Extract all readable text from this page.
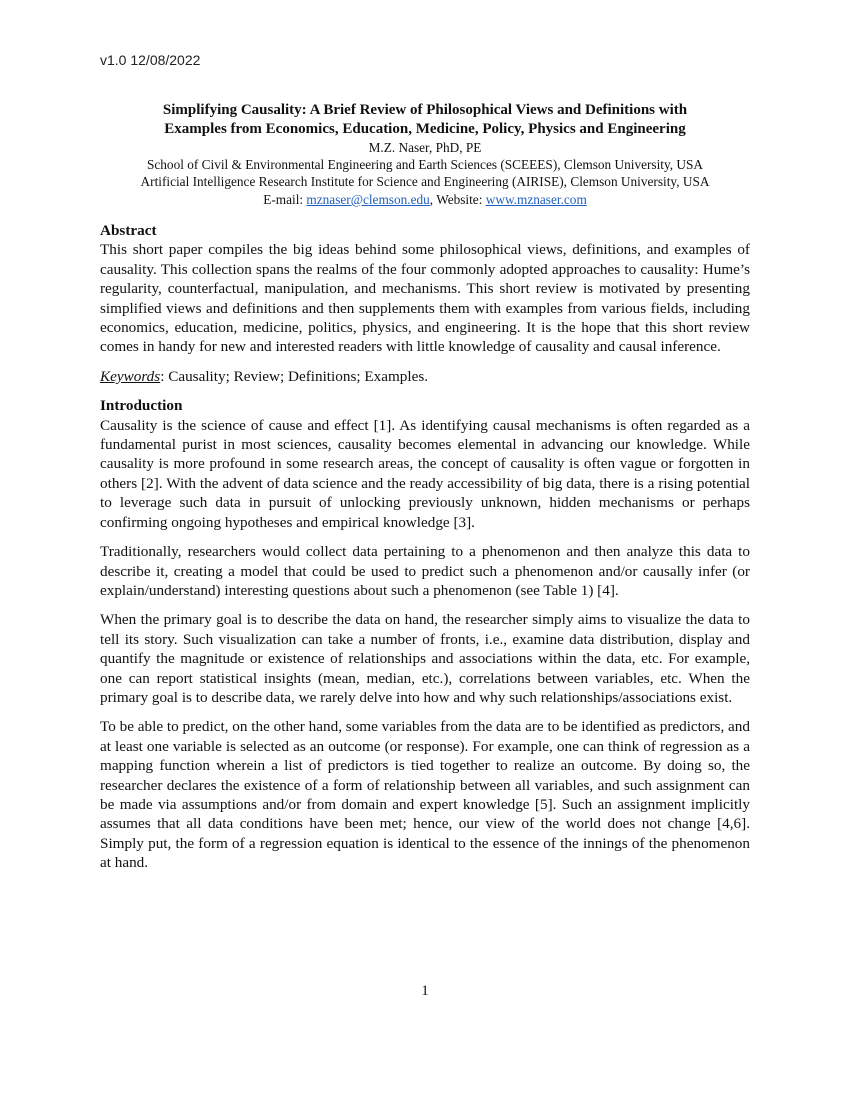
v1.0 12/08/2022
Simplifying Causality: A Brief Review of Philosophical Views and Definitions with
Examples from Economics, Education, Medicine, Policy, Physics and Engineering
M.Z. Naser, PhD, PE
School of Civil & Environmental Engineering and Earth Sciences (SCEEES), Clemson University, USA
Artificial Intelligence Research Institute for Science and Engineering (AIRISE), Clemson University, USA
E-mail: mznaser@clemson.edu, Website: www.mznaser.com
Abstract

This short paper compiles the big ideas behind some philosophical views, definitions, and examples of causality. This collection spans the realms of the four commonly adopted approaches to causality: Hume’s regularity, counterfactual, manipulation, and mechanisms. This short review is motivated by presenting simplified views and definitions and then supplements them with examples from various fields, including economics, education, medicine, politics, physics, and engineering. It is the hope that this short review comes in handy for new and interested readers with little knowledge of causality and causal inference.

Keywords: Causality; Review; Definitions; Examples.

Introduction

Causality is the science of cause and effect [1]. As identifying causal mechanisms is often regarded as a fundamental purist in most sciences, causality becomes elemental in advancing our knowledge. While causality is more profound in some research areas, the concept of causality is often vague or forgotten in others [2]. With the advent of data science and the ready accessibility of big data, there is a rising potential to leverage such data in pursuit of unlocking previously unknown, hidden mechanisms or perhaps confirming ongoing hypotheses and empirical knowledge [3].

Traditionally, researchers would collect data pertaining to a phenomenon and then analyze this data to describe it, creating a model that could be used to predict such a phenomenon and/or causally infer (or explain/understand) interesting questions about such a phenomenon (see Table 1) [4].

When the primary goal is to describe the data on hand, the researcher simply aims to visualize the data to tell its story. Such visualization can take a number of fronts, i.e., examine data distribution, display and quantify the magnitude or existence of relationships and associations within the data, etc. For example, one can report statistical insights (mean, median, etc.), correlations between variables, etc. When the primary goal is to describe data, we rarely delve into how and why such relationships/associations exist.

To be able to predict, on the other hand, some variables from the data are to be identified as predictors, and at least one variable is selected as an outcome (or response). For example, one can think of regression as a mapping function wherein a list of predictors is tied together to realize an outcome. By doing so, the researcher declares the existence of a form of relationship between all variables, and such assignment can be made via assumptions and/or from domain and expert knowledge [5]. Such an assignment implicitly assumes that all data conditions have been met; hence, our view of the world does not change [4,6]. Simply put, the form of a regression equation is identical to the essence of the innings of the phenomenon at hand.

1
